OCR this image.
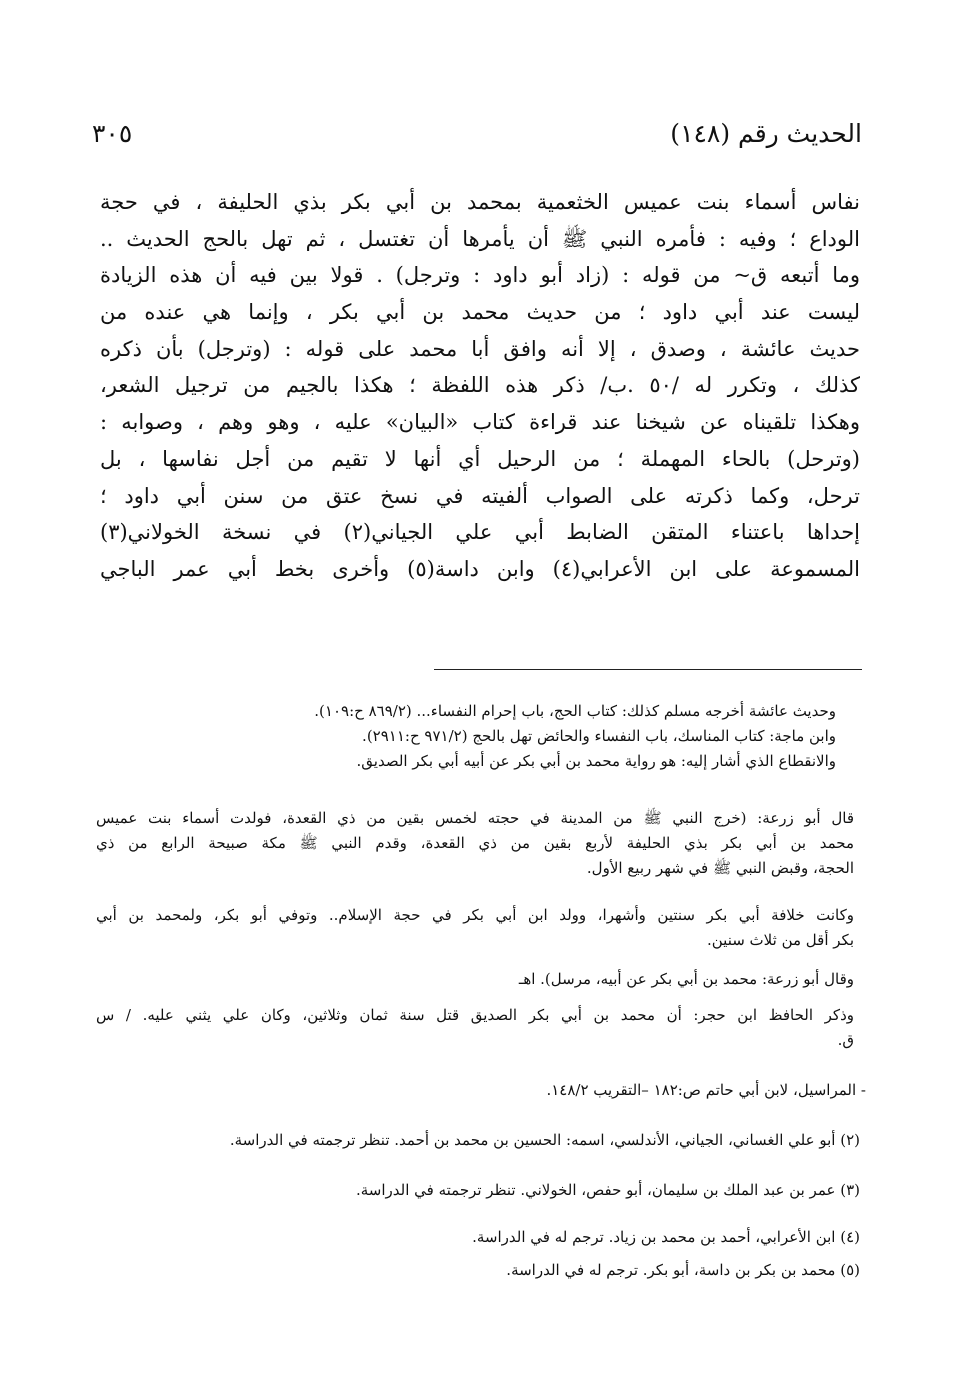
الحديث رقم (١٤٨)
٣٠٥
نفاس أسماء بنت عميس الخثعمية بمحمد بن أبي بكر بذي الحليفة ، في حجة
الوداع ؛ وفيه : فأمره النبي ﷺ أن يأمرها أن تغتسل ، ثم تهل بالحج الحديث ..
وما أتبعه ق~ من قوله : (زاد أبو داود : وترجل) . قولا بين فيه أن هذه الزيادة
ليست عند أبي داود ؛ من حديث محمد بن أبي بكر ، وإنما هي عنده من
حديث عائشة ، وصدق ، إلا أنه وافق أبا محمد على قوله : (وترجل) بأن ذكره
كذلك ، وتكرر له /٥٠ .ب/ ذكر هذه اللفظة ؛ هكذا بالجيم من ترجيل الشعر،
وهكذا تلقيناه عن شيخنا عند قراءة كتاب «البيان» عليه ، وهو وهم ، وصوابه :
(وترحل) بالحاء المهملة ؛ من الرحيل أي أنها لا تقيم من أجل نفاسها ، بل
ترحل، وكما ذكرته على الصواب ألفيته في نسخ عتق من سنن أبي داود ؛
إحداها باعتناء المتقن الضابط أبي علي الجياني(٢) في نسخة الخولاني(٣)
المسموعة على ابن الأعرابي(٤) وابن داسة(٥) وأخرى بخط أبي عمر الباجي
وحديث عائشة أخرجه مسلم كذلك: كتاب الحج، باب إحرام النفساء... (٨٦٩/٢ ح:١٠٩).
وابن ماجة: كتاب المناسك، باب النفساء والحائض تهل بالحج (٩٧١/٢ ح:٢٩١١).
والانقطاع الذي أشار إليه: هو رواية محمد بن أبي بكر عن أبيه أبي بكر الصديق.
قال أبو زرعة: (خرج النبي ﷺ من المدينة في حجته لخمس بقين من ذي القعدة، فولدت أسماء بنت عميس
محمد بن أبي بكر بذي الحليفة لأربع بقين من ذي القعدة، وقدم النبي ﷺ مكة صبيحة الرابع من ذي
الحجة، وقبض النبي ﷺ في شهر ربيع الأول.
وكانت خلافة أبي بكر سنتين وأشهرا، وولد ابن أبي بكر في حجة الإسلام.. وتوفي أبو بكر، ولمحمد بن أبي
بكر أقل من ثلاث سنين.
وقال أبو زرعة: محمد بن أبي بكر عن أبيه، مرسل). اهـ
وذكر الحافظ ابن حجر: أن محمد بن أبي بكر الصديق قتل سنة ثمان وثلاثين، وكان علي يثني عليه. / س
ق.
- المراسيل، لابن أبي حاتم ص:١٨٢ –التقريب ١٤٨/٢.
(٢) أبو علي الغساني، الجياني، الأندلسي، اسمه: الحسين بن محمد بن أحمد. تنظر ترجمته في الدراسة.
(٣) عمر بن عبد الملك بن سليمان، أبو حفص، الخولاني. تنظر ترجمته في الدراسة.
(٤) ابن الأعرابي، أحمد بن محمد بن زياد. ترجم له في الدراسة.
(٥) محمد بن بكر بن داسة، أبو بكر. ترجم له في الدراسة.
